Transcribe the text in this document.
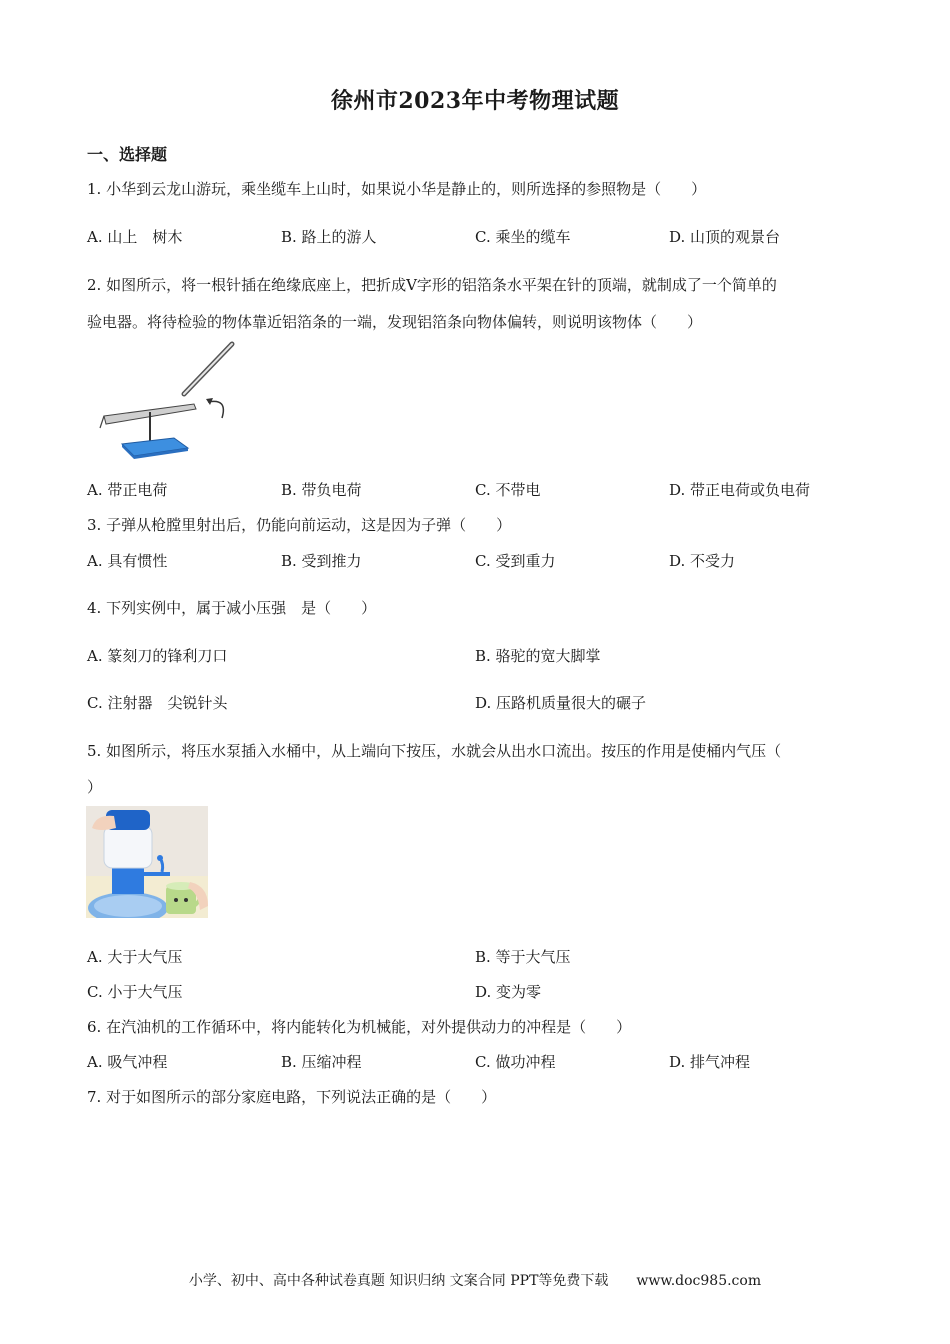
徐州市2023年中考物理试题
一、选择题
1. 小华到云龙山游玩，乘坐缆车上山时，如果说小华是静止的，则所选择的参照物是（　　）
A. 山上　树木	B. 路上的游人	C. 乘坐的缆车	D. 山顶的观景台
2. 如图所示，将一根针插在绝缘底座上，把折成V字形的铝箔条水平架在针的顶端，就制成了一个简单的
验电器。将待检验的物体靠近铝箔条的一端，发现铝箔条向物体偏转，则说明该物体（　　）
A. 带正电荷	B. 带负电荷	C. 不带电	D. 带正电荷或负电荷
3. 子弹从枪膛里射出后，仍能向前运动，这是因为子弹（　　）
A. 具有惯性	B. 受到推力	C. 受到重力	D. 不受力
4. 下列实例中，属于减小压强　是（　　）
A. 篆刻刀的锋利刀口	B. 骆驼的宽大脚掌
C. 注射器　尖锐针头	D. 压路机质量很大的碾子
5. 如图所示，将压水泵插入水桶中，从上端向下按压，水就会从出水口流出。按压的作用是使桶内气压（
）
A. 大于大气压	B. 等于大气压
C. 小于大气压	D. 变为零
6. 在汽油机的工作循环中，将内能转化为机械能，对外提供动力的冲程是（　　）
A. 吸气冲程	B. 压缩冲程	C. 做功冲程	D. 排气冲程
7. 对于如图所示的部分家庭电路，下列说法正确的是（　　）
小学、初中、高中各种试卷真题 知识归纳 文案合同 PPT等免费下载　　www.doc985.com
